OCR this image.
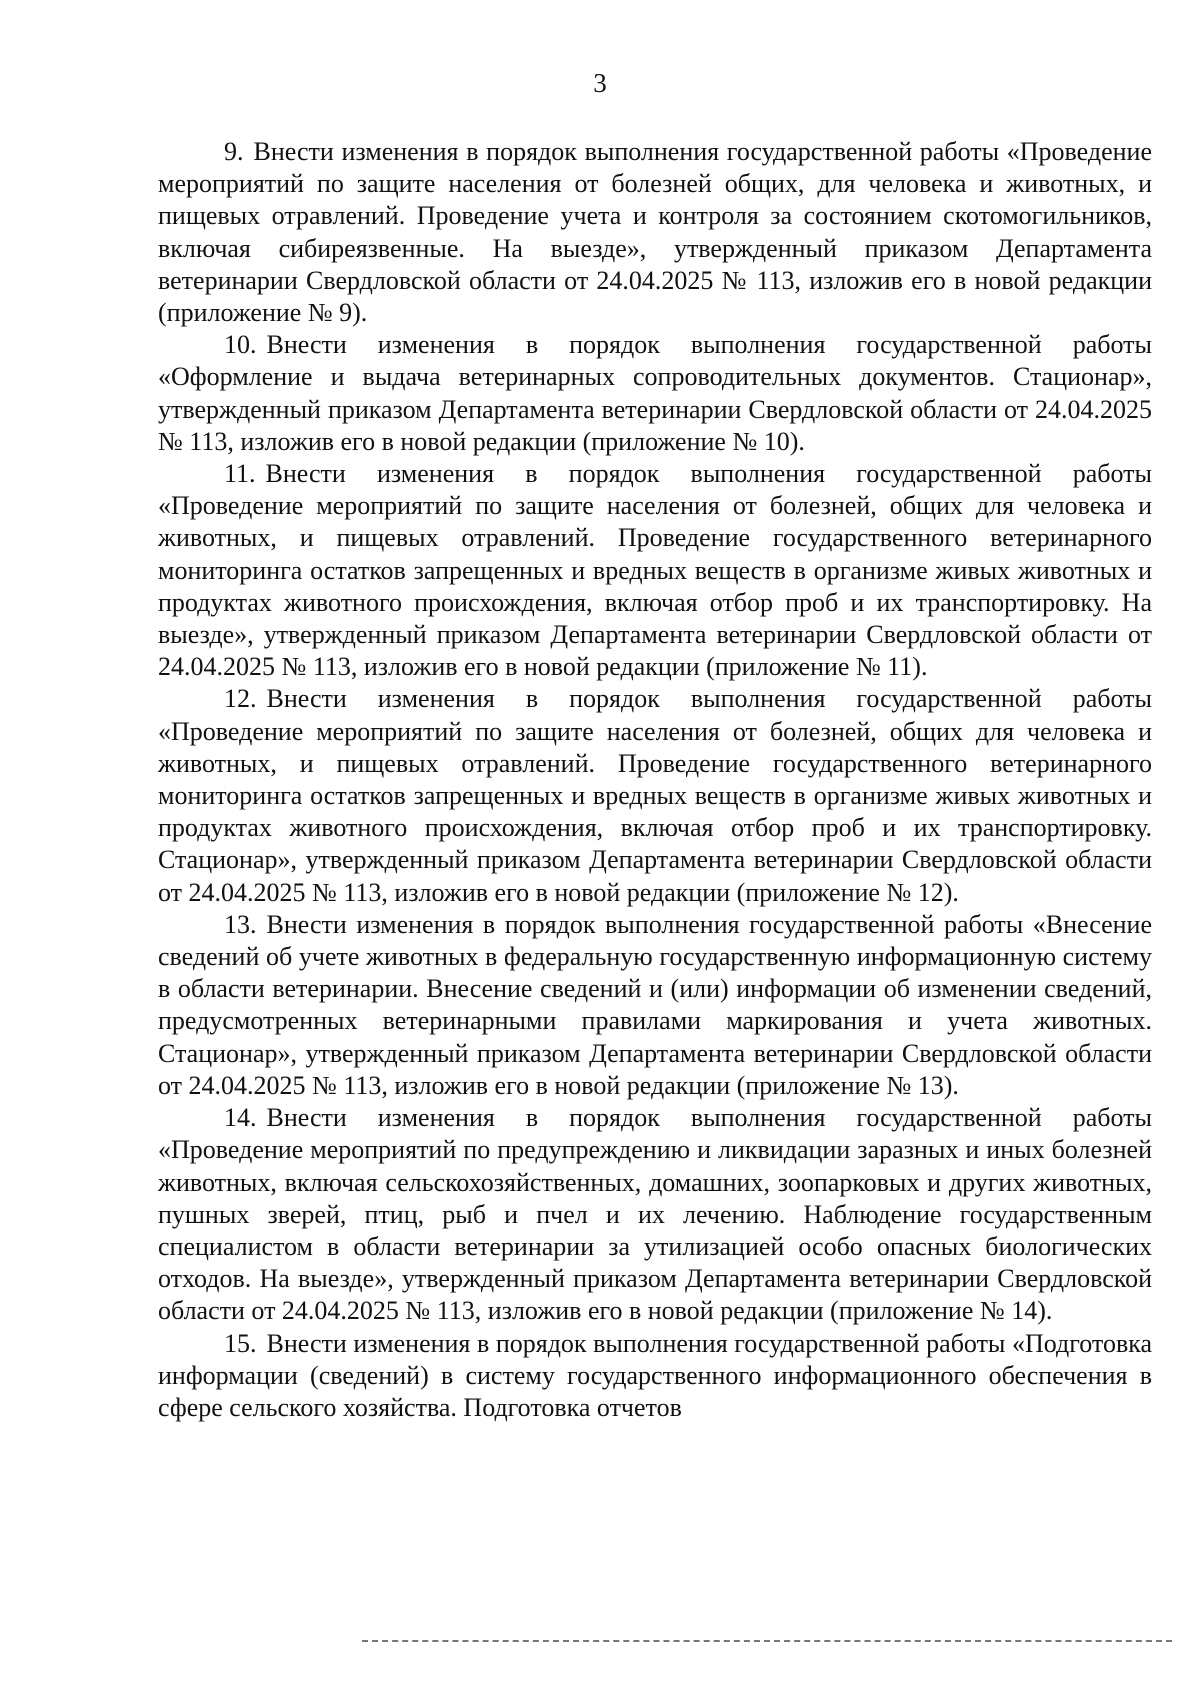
3

9. Внести изменения в порядок выполнения государственной работы «Проведение мероприятий по защите населения от болезней общих, для человека и животных, и пищевых отравлений. Проведение учета и контроля за состоянием скотомогильников, включая сибиреязвенные. На выезде», утвержденный приказом Департамента ветеринарии Свердловской области от 24.04.2025 № 113, изложив его в новой редакции (приложение № 9).

10. Внести изменения в порядок выполнения государственной работы «Оформление и выдача ветеринарных сопроводительных документов. Стационар», утвержденный приказом Департамента ветеринарии Свердловской области от 24.04.2025 № 113, изложив его в новой редакции (приложение № 10).

11. Внести изменения в порядок выполнения государственной работы «Проведение мероприятий по защите населения от болезней, общих для человека и животных, и пищевых отравлений. Проведение государственного ветеринарного мониторинга остатков запрещенных и вредных веществ в организме живых животных и продуктах животного происхождения, включая отбор проб и их транспортировку. На выезде», утвержденный приказом Департамента ветеринарии Свердловской области от 24.04.2025 № 113, изложив его в новой редакции (приложение № 11).

12. Внести изменения в порядок выполнения государственной работы «Проведение мероприятий по защите населения от болезней, общих для человека и животных, и пищевых отравлений. Проведение государственного ветеринарного мониторинга остатков запрещенных и вредных веществ в организме живых животных и продуктах животного происхождения, включая отбор проб и их транспортировку. Стационар», утвержденный приказом Департамента ветеринарии Свердловской области от 24.04.2025 № 113, изложив его в новой редакции (приложение № 12).

13. Внести изменения в порядок выполнения государственной работы «Внесение сведений об учете животных в федеральную государственную информационную систему в области ветеринарии. Внесение сведений и (или) информации об изменении сведений, предусмотренных ветеринарными правилами маркирования и учета животных. Стационар», утвержденный приказом Департамента ветеринарии Свердловской области от 24.04.2025 № 113, изложив его в новой редакции (приложение № 13).

14. Внести изменения в порядок выполнения государственной работы «Проведение мероприятий по предупреждению и ликвидации заразных и иных болезней животных, включая сельскохозяйственных, домашних, зоопарковых и других животных, пушных зверей, птиц, рыб и пчел и их лечению. Наблюдение государственным специалистом в области ветеринарии за утилизацией особо опасных биологических отходов. На выезде», утвержденный приказом Департамента ветеринарии Свердловской области от 24.04.2025 № 113, изложив его в новой редакции (приложение № 14).

15. Внести изменения в порядок выполнения государственной работы «Подготовка информации (сведений) в систему государственного информационного обеспечения в сфере сельского хозяйства. Подготовка отчетов
